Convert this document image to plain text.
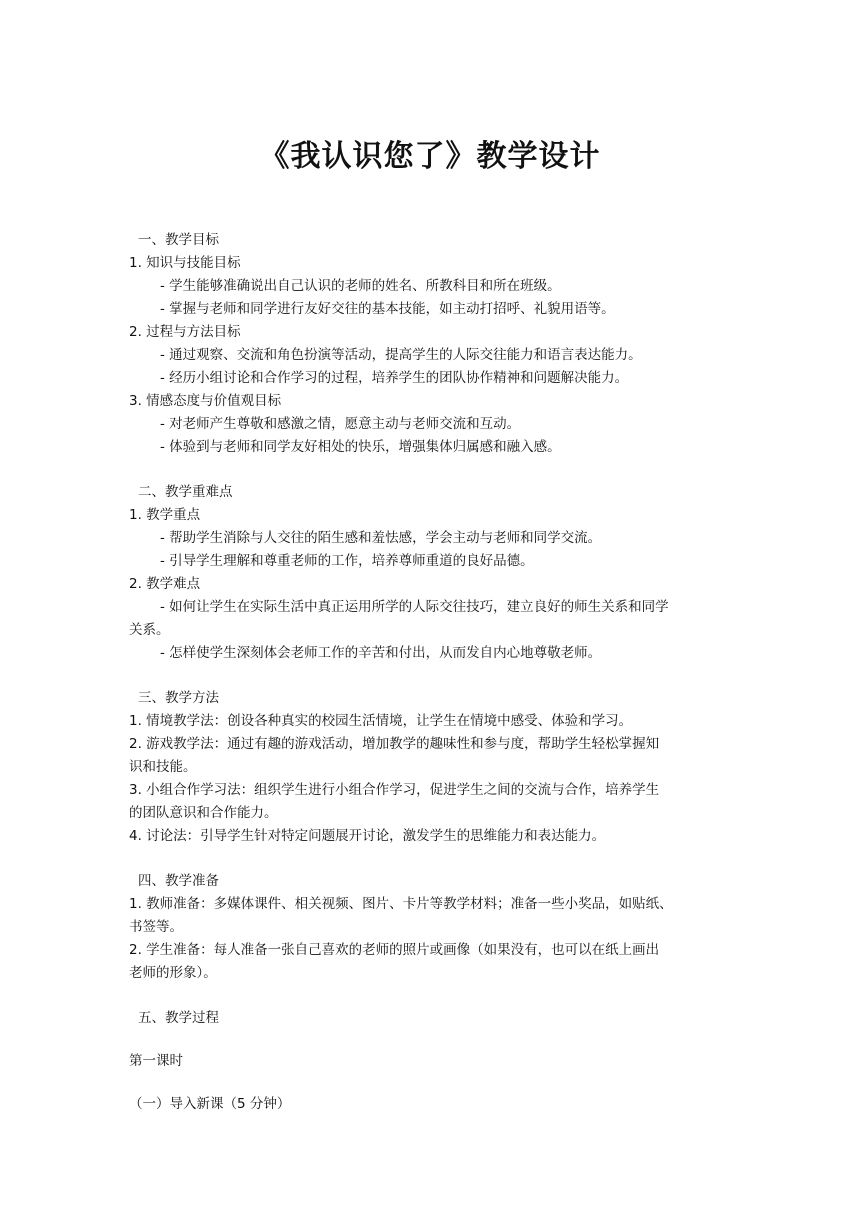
《我认识您了》教学设计

一、教学目标

1. 知识与技能目标

- 学生能够准确说出自己认识的老师的姓名、所教科目和所在班级。

- 掌握与老师和同学进行友好交往的基本技能，如主动打招呼、礼貌用语等。

2. 过程与方法目标

- 通过观察、交流和角色扮演等活动，提高学生的人际交往能力和语言表达能力。

- 经历小组讨论和合作学习的过程，培养学生的团队协作精神和问题解决能力。

3. 情感态度与价值观目标

- 对老师产生尊敬和感激之情，愿意主动与老师交流和互动。

- 体验到与老师和同学友好相处的快乐，增强集体归属感和融入感。

二、教学重难点

1. 教学重点

- 帮助学生消除与人交往的陌生感和羞怯感，学会主动与老师和同学交流。

- 引导学生理解和尊重老师的工作，培养尊师重道的良好品德。

2. 教学难点

- 如何让学生在实际生活中真正运用所学的人际交往技巧，建立良好的师生关系和同学

关系。

- 怎样使学生深刻体会老师工作的辛苦和付出，从而发自内心地尊敬老师。

三、教学方法

1. 情境教学法：创设各种真实的校园生活情境，让学生在情境中感受、体验和学习。

2. 游戏教学法：通过有趣的游戏活动，增加教学的趣味性和参与度，帮助学生轻松掌握知

识和技能。

3. 小组合作学习法：组织学生进行小组合作学习，促进学生之间的交流与合作，培养学生

的团队意识和合作能力。

4. 讨论法：引导学生针对特定问题展开讨论，激发学生的思维能力和表达能力。

四、教学准备

1. 教师准备：多媒体课件、相关视频、图片、卡片等教学材料；准备一些小奖品，如贴纸、

书签等。

2. 学生准备：每人准备一张自己喜欢的老师的照片或画像（如果没有，也可以在纸上画出

老师的形象）。

五、教学过程

第一课时

（一）导入新课（5 分钟）
